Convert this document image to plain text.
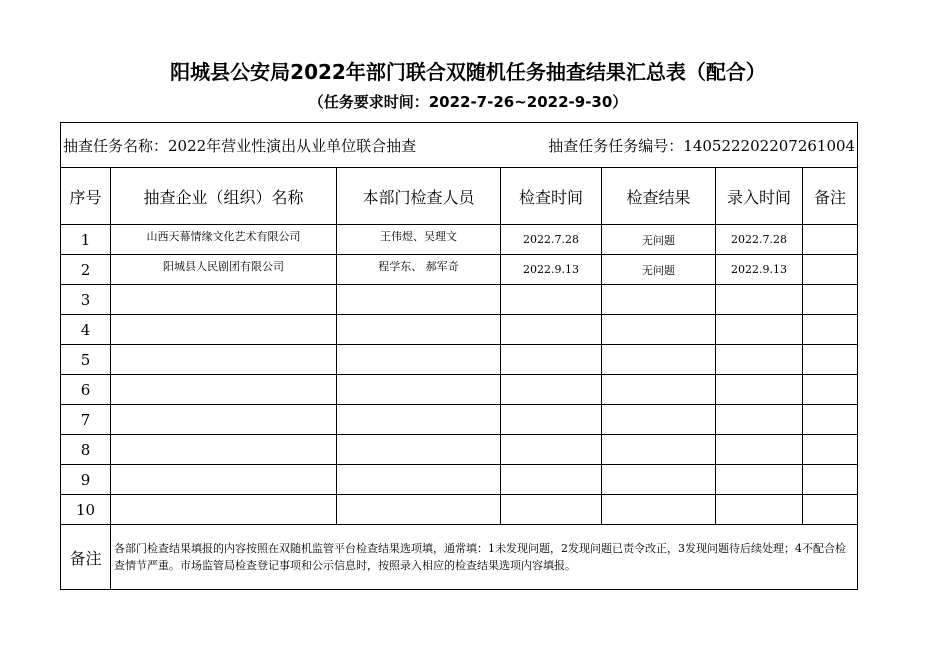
阳城县公安局2022年部门联合双随机任务抽查结果汇总表（配合）
（任务要求时间：2022-7-26~2022-9-30）
抽查任务名称：2022年营业性演出从业单位联合抽查 抽查任务任务编号：140522202207261004						

序号	抽查企业（组织）名称	本部门检查人员	检查时间	检查结果	录入时间	备注
1	山西天幕情缘文化艺术有限公司	王伟煜、吴理文	2022.7.28	无问题	2022.7.28	
2	阳城县人民剧团有限公司	程学东、 郝军奇	2022.9.13	无问题	2022.9.13	
3						
4						
5						
6						
7						
8						
9						
10						
备注	各部门检查结果填报的内容按照在双随机监管平台检查结果选项填，通常填：1未发现问题，2发现问题已责令改正，3发现问题待后续处理；4不配合检查情节严重。市场监管局检查登记事项和公示信息时，按照录入相应的检查结果选项内容填报。					
